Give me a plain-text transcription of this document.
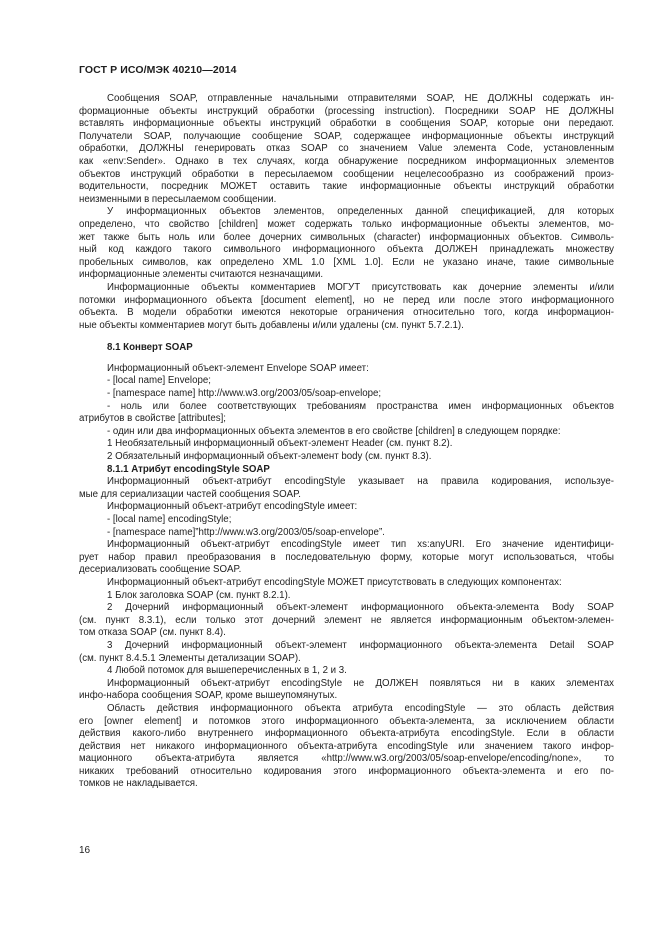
ГОСТ Р ИСО/МЭК 40210—2014
Сообщения SOAP, отправленные начальными отправителями SOAP, НЕ ДОЛЖНЫ содержать ин-
формационные объекты инструкций обработки (processing instruction). Посредники SOAP НЕ ДОЛЖНЫ
вставлять информационные объекты инструкций обработки в сообщения SOAP, которые они передают.
Получатели SOAP, получающие сообщение SOAP, содержащее информационные объекты инструкций
обработки, ДОЛЖНЫ генерировать отказ SOAP со значением Value элемента Code, установленным
как «env:Sender». Однако в тех случаях, когда обнаружение посредником информационных элементов
объектов инструкций обработки в пересылаемом сообщении нецелесообразно из соображений произ-
водительности, посредник МОЖЕТ оставить такие информационные объекты инструкций обработки
неизменными в пересылаемом сообщении.
У информационных объектов элементов, определенных данной спецификацией, для которых
определено, что свойство [children] может содержать только информационные объекты элементов, мо-
жет также быть ноль или более дочерних символьных (character) информационных объектов. Символь-
ный код каждого такого символьного информационного объекта ДОЛЖЕН принадлежать множеству
пробельных символов, как определено XML 1.0 [XML 1.0]. Если не указано иначе, такие символьные
информационные элементы считаются незначащими.
Информационные объекты комментариев МОГУТ присутствовать как дочерние элементы и/или
потомки информационного объекта [document element], но не перед или после этого информационного
объекта. В модели обработки имеются некоторые ограничения относительно того, когда информацион-
ные объекты комментариев могут быть добавлены и/или удалены (см. пункт 5.7.2.1).
8.1 Конверт SOAP
Информационный объект-элемент Envelope SOAP имеет:
- [local name] Envelope;
- [namespace name] http://www.w3.org/2003/05/soap-envelope;
- ноль или более соответствующих требованиям пространства имен информационных объектов
атрибутов в свойстве [attributes];
- один или два информационных объекта элементов в его свойстве [children] в следующем порядке:
1 Необязательный информационный объект-элемент Header (см. пункт 8.2).
2 Обязательный информационный объект-элемент body (см. пункт 8.3).
8.1.1 Атрибут encodingStyle SOAP
Информационный объект-атрибут encodingStyle указывает на правила кодирования, используе-
мые для сериализации частей сообщения SOAP.
Информационный объект-атрибут encodingStyle имеет:
- [local name] encodingStyle;
- [namespace name]”http://www.w3.org/2003/05/soap-envelope”.
Информационный объект-атрибут encodingStyle имеет тип xs:anyURI. Его значение идентифици-
рует набор правил преобразования в последовательную форму, которые могут использоваться, чтобы
десериализовать сообщение SOAP.
Информационный объект-атрибут encodingStyle МОЖЕТ присутствовать в следующих компонентах:
1 Блок заголовка SOAP (см. пункт 8.2.1).
2 Дочерний информационный объект-элемент информационного объекта-элемента Body SOAP
(см. пункт 8.3.1), если только этот дочерний элемент не является информационным объектом-элемен-
том отказа SOAP (см. пункт 8.4).
3 Дочерний информационный объект-элемент информационного объекта-элемента Detail SOAP
(см. пункт 8.4.5.1 Элементы детализации SOAP).
4 Любой потомок для вышеперечисленных в 1, 2 и 3.
Информационный объект-атрибут encodingStyle не ДОЛЖЕН появляться ни в каких элементах
инфо-набора сообщения SOAP, кроме вышеупомянутых.
Область действия информационного объекта атрибута encodingStyle — это область действия
его [owner element] и потомков этого информационного объекта-элемента, за исключением области
действия какого-либо внутреннего информационного объекта-атрибута encodingStyle. Если в области
действия нет никакого информационного объекта-атрибута encodingStyle или значением такого инфор-
мационного объекта-атрибута является «http://www.w3.org/2003/05/soap-envelope/encoding/none», то
никаких требований относительно кодирования этого информационного объекта-элемента и его по-
томков не накладывается.
16
